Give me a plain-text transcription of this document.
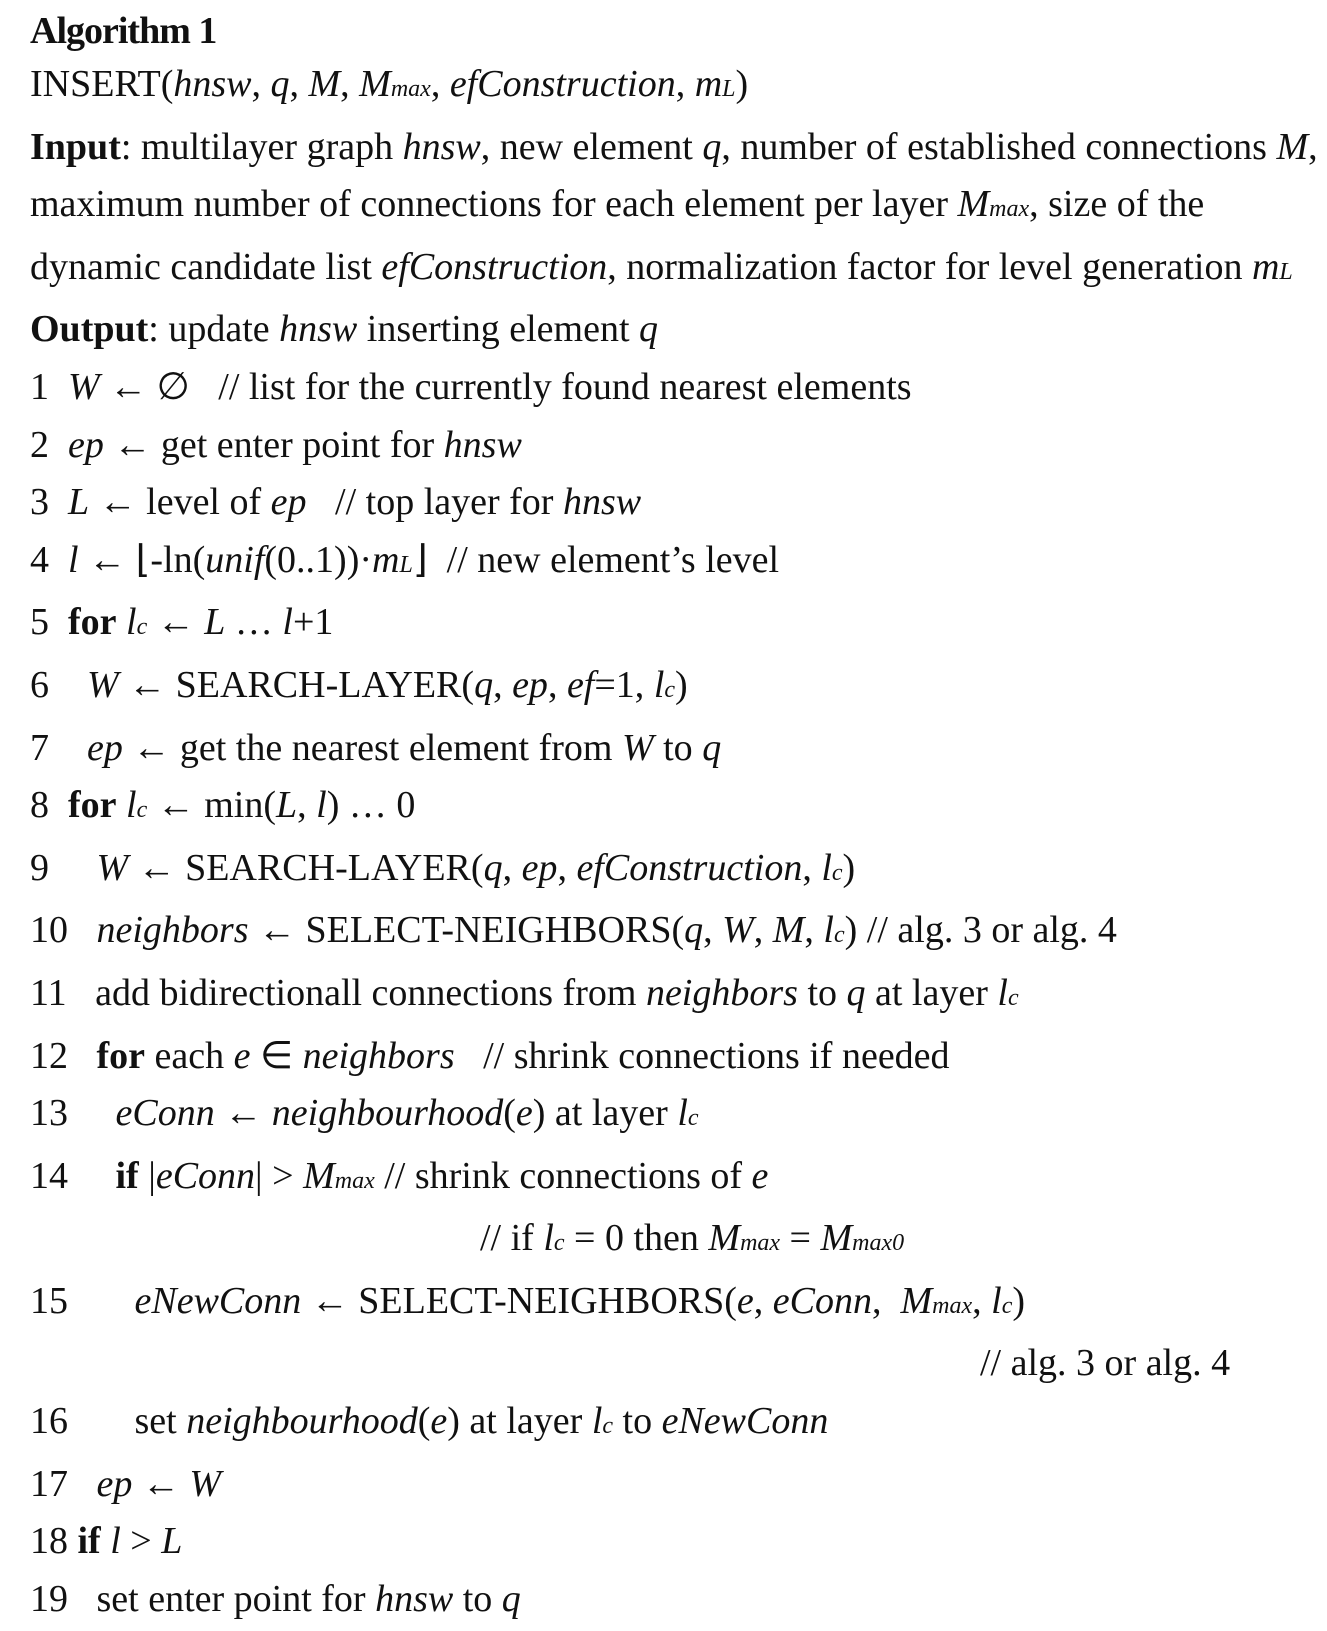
Algorithm 1
INSERT(hnsw, q, M, Mmax, efConstruction, mL)
Input: multilayer graph hnsw, new element q, number of established connections M, maximum number of connections for each element per layer Mmax, size of the dynamic candidate list efConstruction, normalization factor for level generation mL
Output: update hnsw inserting element q
1  W ← ∅   // list for the currently found nearest elements
2  ep ← get enter point for hnsw
3  L ← level of ep   // top layer for hnsw
4  l ← ⌊-ln(unif(0..1))·mL⌋  // new element’s level
5  for lc ← L … l+1
6    W ← SEARCH-LAYER(q, ep, ef=1, lc)
7    ep ← get the nearest element from W to q
8  for lc ← min(L, l) … 0
9     W ← SEARCH-LAYER(q, ep, efConstruction, lc)
10   neighbors ← SELECT-NEIGHBORS(q, W, M, lc) // alg. 3 or alg. 4
11   add bidirectionall connections from neighbors to q at layer lc
12   for each e ∈ neighbors   // shrink connections if needed
13     eConn ← neighbourhood(e) at layer lc
14     if |eConn| > Mmax // shrink connections of e
// if lc = 0 then Mmax = Mmax0
15       eNewConn ← SELECT-NEIGHBORS(e, eConn,  Mmax, lc)
// alg. 3 or alg. 4
16       set neighbourhood(e) at layer lc to eNewConn
17   ep ← W
18 if l > L
19   set enter point for hnsw to q
